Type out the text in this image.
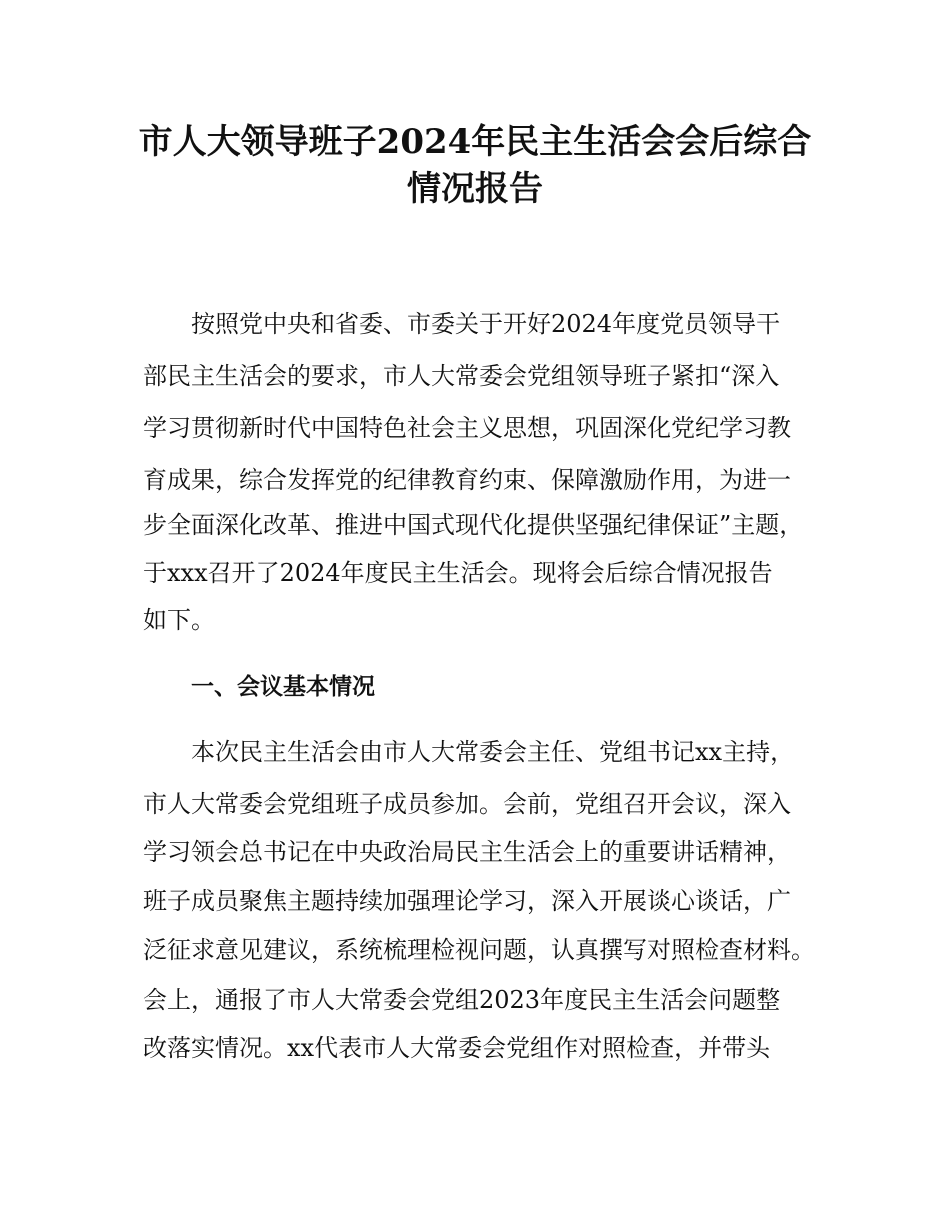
市人大领导班子2024年民主生活会会后综合
情况报告
按照党中央和省委、市委关于开好2024年度党员领导干
部民主生活会的要求，市人大常委会党组领导班子紧扣“深入
学习贯彻新时代中国特色社会主义思想，巩固深化党纪学习教
育成果，综合发挥党的纪律教育约束、保障激励作用，为进一
步全面深化改革、推进中国式现代化提供坚强纪律保证”主题，
于xxx召开了2024年度民主生活会。现将会后综合情况报告
如下。
一、会议基本情况
本次民主生活会由市人大常委会主任、党组书记xx主持，
市人大常委会党组班子成员参加。会前，党组召开会议，深入
学习领会总书记在中央政治局民主生活会上的重要讲话精神，
班子成员聚焦主题持续加强理论学习，深入开展谈心谈话，广
泛征求意见建议，系统梳理检视问题，认真撰写对照检查材料。
会上，通报了市人大常委会党组2023年度民主生活会问题整
改落实情况。xx代表市人大常委会党组作对照检查，并带头
